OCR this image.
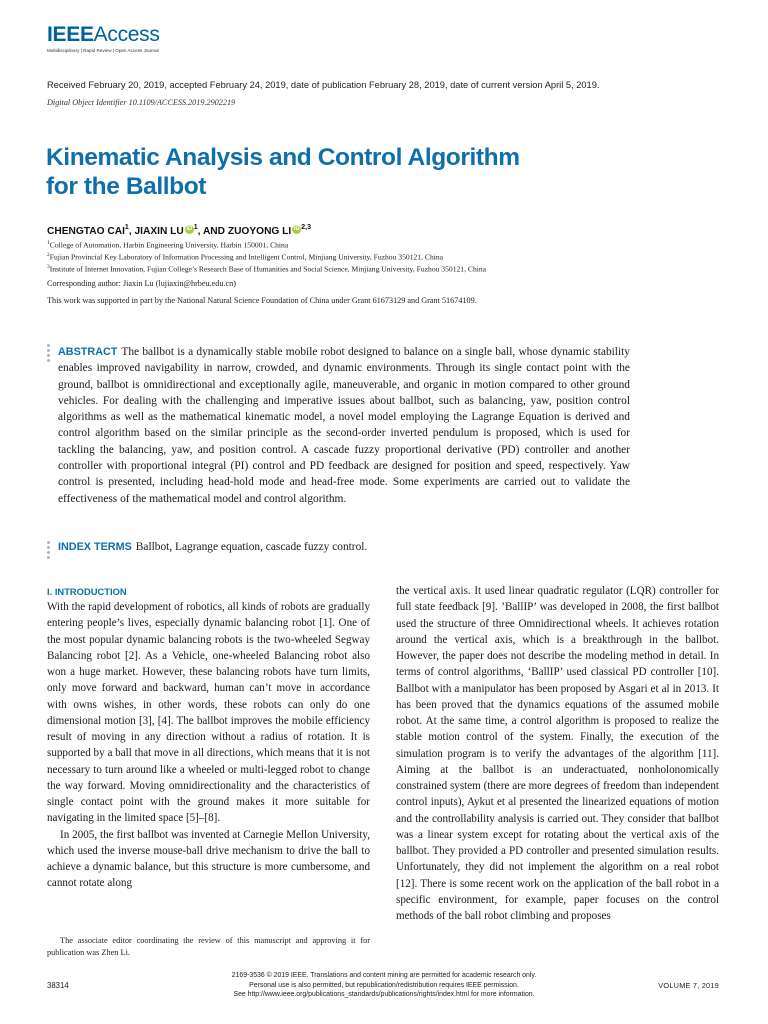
IEEEAccess
Multidisciplinary | Rapid Review | Open Access Journal
Received February 20, 2019, accepted February 24, 2019, date of publication February 28, 2019, date of current version April 5, 2019.
Digital Object Identifier 10.1109/ACCESS.2019.2902219
Kinematic Analysis and Control Algorithm
for the Ballbot
CHENGTAO CAI$^1$, JIAXIN LU iD $^1$, AND ZUOYONG LI iD $^{2,3}$
$^1$College of Automation, Harbin Engineering University, Harbin 150001, China
$^2$Fujian Provincial Key Laboratory of Information Processing and Intelligent Control, Minjiang University, Fuzhou 350121, China
$^3$Institute of Internet Innovation, Fujian College’s Research Base of Humanities and Social Science, Minjiang University, Fuzhou 350121, China
Corresponding author: Jiaxin Lu (lujiaxin@hrbeu.edu.cn)
This work was supported in part by the National Natural Science Foundation of China under Grant 61673129 and Grant 51674109.
ABSTRACT The ballbot is a dynamically stable mobile robot designed to balance on a single ball, whose dynamic stability enables improved navigability in narrow, crowded, and dynamic environments. Through its single contact point with the ground, ballbot is omnidirectional and exceptionally agile, maneuverable, and organic in motion compared to other ground vehicles. For dealing with the challenging and imperative issues about ballbot, such as balancing, yaw, position control algorithms as well as the mathematical kinematic model, a novel model employing the Lagrange Equation is derived and control algorithm based on the similar principle as the second-order inverted pendulum is proposed, which is used for tackling the balancing, yaw, and position control. A cascade fuzzy proportional derivative (PD) controller and another controller with proportional integral (PI) control and PD feedback are designed for position and speed, respectively. Yaw control is presented, including head-hold mode and head-free mode. Some experiments are carried out to validate the effectiveness of the mathematical model and control algorithm.
INDEX TERMS Ballbot, Lagrange equation, cascade fuzzy control.
I. INTRODUCTION

With the rapid development of robotics, all kinds of robots are gradually entering people’s lives, especially dynamic balancing robot [1]. One of the most popular dynamic balancing robots is the two-wheeled Segway Balancing robot [2]. As a Vehicle, one-wheeled Balancing robot also won a huge market. However, these balancing robots have turn limits, only move forward and backward, human can’t move in accordance with owns wishes, in other words, these robots can only do one dimensional motion [3], [4]. The ballbot improves the mobile efficiency result of moving in any direction without a radius of rotation. It is supported by a ball that move in all directions, which means that it is not necessary to turn around like a wheeled or multi-legged robot to change the way forward. Moving omnidirectionality and the characteristics of single contact point with the ground makes it more suitable for navigating in the limited space [5]–[8].

In 2005, the first ballbot was invented at Carnegie Mellon University, which used the inverse mouse-ball drive mechanism to drive the ball to achieve a dynamic balance, but this structure is more cumbersome, and cannot rotate along

the vertical axis. It used linear quadratic regulator (LQR) controller for full state feedback [9]. ’BallIP’ was developed in 2008, the first ballbot used the structure of three Omnidirectional wheels. It achieves rotation around the vertical axis, which is a breakthrough in the ballbot. However, the paper does not describe the modeling method in detail. In terms of control algorithms, ‘BallIP’ used classical PD controller [10]. Ballbot with a manipulator has been proposed by Asgari et al in 2013. It has been proved that the dynamics equations of the assumed mobile robot. At the same time, a control algorithm is proposed to realize the stable motion control of the system. Finally, the execution of the simulation program is to verify the advantages of the algorithm [11]. Aiming at the ballbot is an underactuated, nonholonomically constrained system (there are more degrees of freedom than independent control inputs), Aykut et al presented the linearized equations of motion and the controllability analysis is carried out. They consider that ballbot was a linear system except for rotating about the vertical axis of the ballbot. They provided a PD controller and presented simulation results. Unfortunately, they did not implement the algorithm on a real robot [12]. There is some recent work on the application of the ball robot in a specific environment, for example, paper focuses on the control methods of the ball robot climbing and proposes

The associate editor coordinating the review of this manuscript and approving it for publication was Zhen Li.
38314
2169-3536 © 2019 IEEE. Translations and content mining are permitted for academic research only.
Personal use is also permitted, but republication/redistribution requires IEEE permission.
See http://www.ieee.org/publications_standards/publications/rights/index.html for more information.
VOLUME 7, 2019
